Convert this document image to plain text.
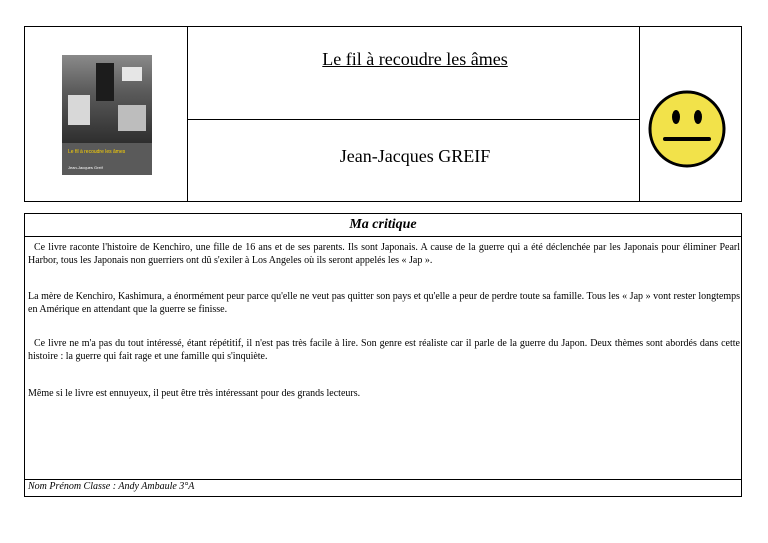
Le fil à recoudre les âmes
Jean-Jacques Greif
Le fil à recoudre les âmes
Jean-Jacques GREIF
Ma critique
Ce livre raconte l'histoire de Kenchiro, une fille de 16 ans et de ses parents. Ils sont Japonais. A cause de la guerre qui a été déclenchée par les Japonais pour éliminer Pearl Harbor, tous les Japonais non guerriers ont dû s'exiler à Los Angeles où ils seront appelés les « Jap ».
La mère de Kenchiro, Kashimura, a énormément peur parce qu'elle ne veut pas quitter son pays et qu'elle a peur de perdre toute sa famille. Tous les « Jap » vont rester longtemps en Amérique en attendant que la guerre se finisse.
Ce livre ne m'a pas du tout intéressé, étant répétitif, il n'est pas très facile à lire. Son genre est réaliste car il parle de la guerre du Japon. Deux thèmes sont abordés dans cette histoire : la guerre qui fait rage et une famille qui s'inquiète.
Même si le livre est ennuyeux, il peut être très intéressant pour des grands lecteurs.
Nom Prénom Classe : Andy Ambaule 3°A
